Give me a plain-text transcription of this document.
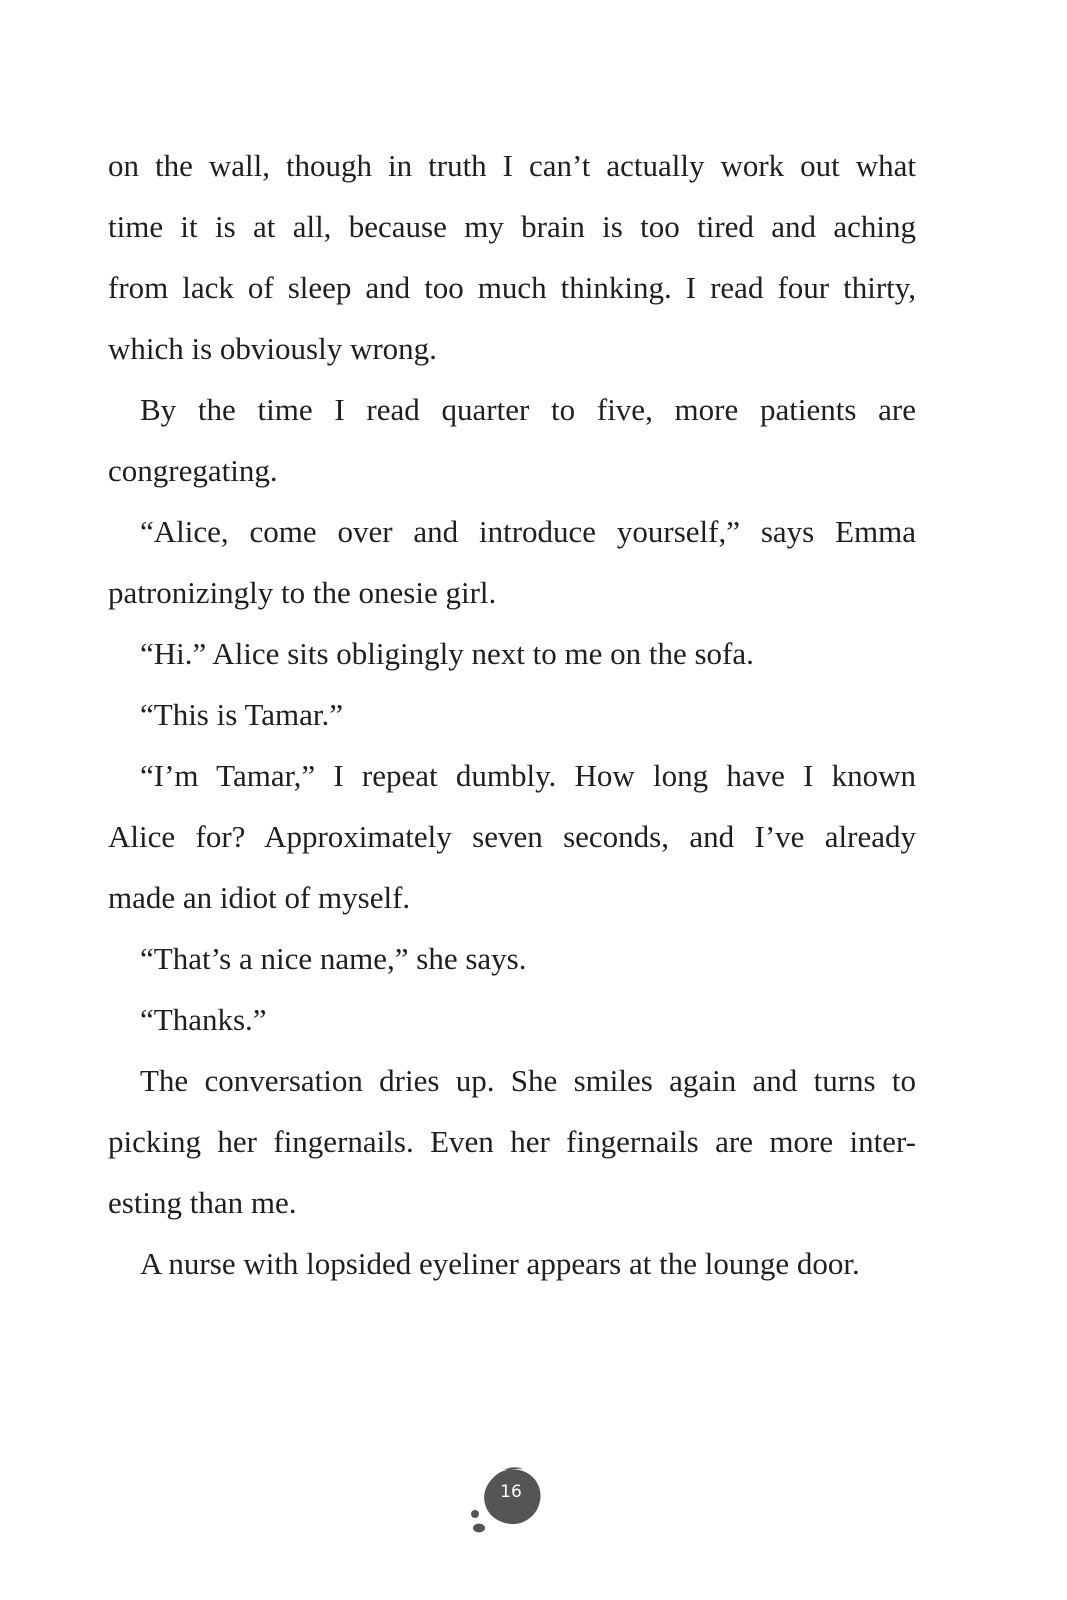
on the wall, though in truth I can’t actually work out what
time it is at all, because my brain is too tired and aching
from lack of sleep and too much thinking. I read four thirty,
which is obviously wrong.
By the time I read quarter to five, more patients are
congregating.
“Alice, come over and introduce yourself,” says Emma
patronizingly to the onesie girl.
“Hi.” Alice sits obligingly next to me on the sofa.
“This is Tamar.”
“I’m Tamar,” I repeat dumbly. How long have I known
Alice for? Approximately seven seconds, and I’ve already
made an idiot of myself.
“That’s a nice name,” she says.
“Thanks.”
The conversation dries up. She smiles again and turns to
picking her fingernails. Even her fingernails are more inter-
esting than me.
A nurse with lopsided eyeliner appears at the lounge door.
16
